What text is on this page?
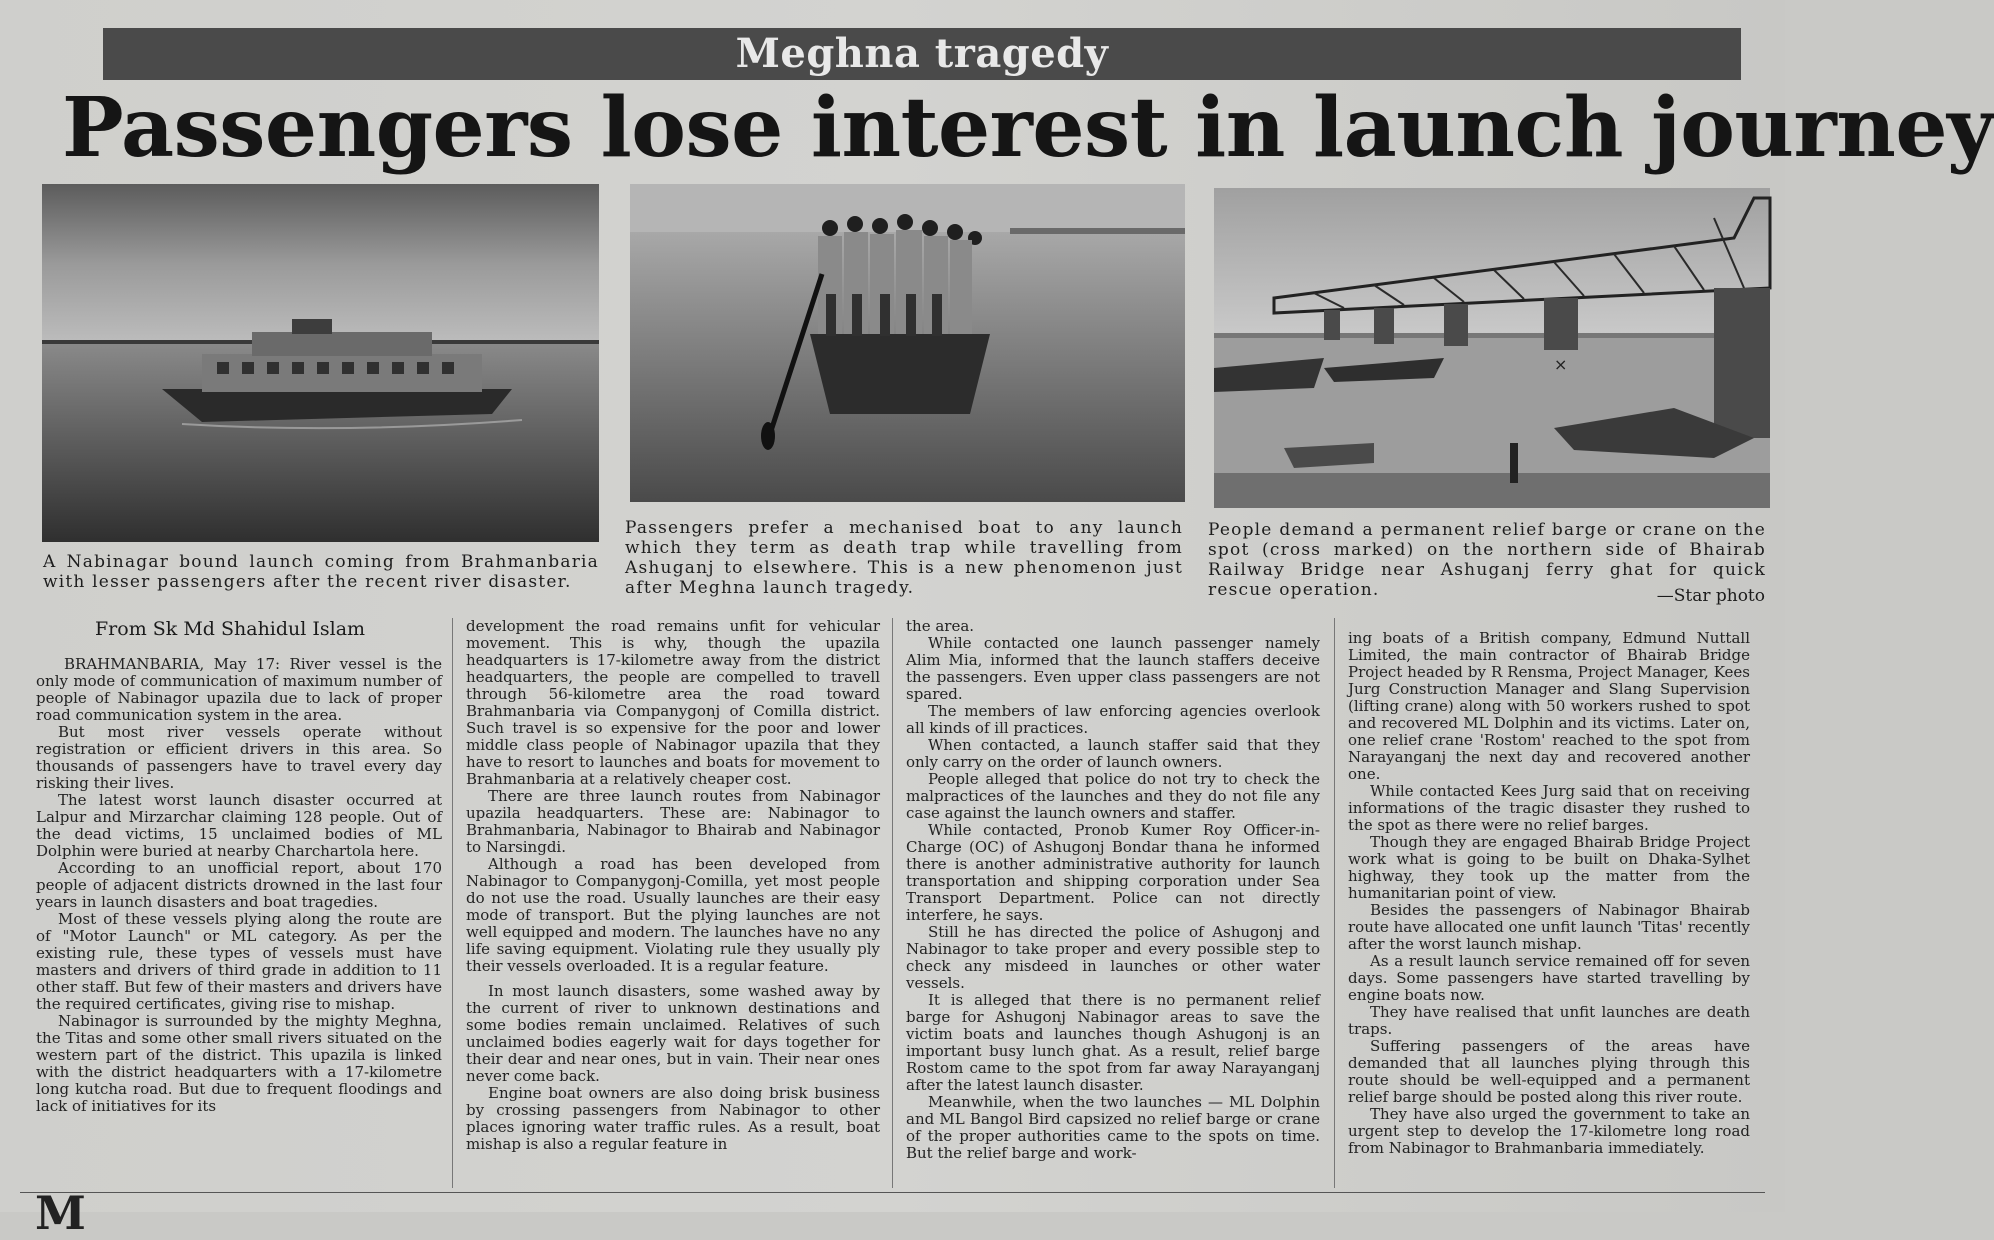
Meghna tragedy
Passengers lose interest in launch journey
A Nabinagar bound launch coming from Brahmanbaria with lesser passengers after the recent river disaster.
Passengers prefer a mechanised boat to any launch which they term as death trap while travelling from Ashuganj to elsewhere. This is a new phenomenon just after Meghna launch tragedy.
×
People demand a permanent relief barge or crane on the spot (cross marked) on the northern side of Bhairab Railway Bridge near Ashuganj ferry ghat for quick rescue operation.	—Star photo
From Sk Md Shahidul Islam

BRAHMANBARIA, May 17: River vessel is the only mode of communication of maximum number of people of Nabinagor upazila due to lack of proper road communication system in the area.

But most river vessels operate without registration or efficient drivers in this area. So thousands of passengers have to travel every day risking their lives.

The latest worst launch disaster occurred at Lalpur and Mirzarchar claiming 128 people. Out of the dead victims, 15 unclaimed bodies of ML Dolphin were buried at nearby Charchartola here.

According to an unofficial report, about 170 people of adjacent districts drowned in the last four years in launch disasters and boat tragedies.

Most of these vessels plying along the route are of "Motor Launch" or ML category. As per the existing rule, these types of vessels must have masters and drivers of third grade in addition to 11 other staff. But few of their masters and drivers have the required certificates, giving rise to mishap.

Nabinagor is surrounded by the mighty Meghna, the Titas and some other small rivers situated on the western part of the district. This upazila is linked with the district headquarters with a 17-kilometre long kutcha road. But due to frequent floodings and lack of initiatives for its

development the road remains unfit for vehicular movement. This is why, though the upazila headquarters is 17-kilometre away from the district headquarters, the people are compelled to travell through 56-kilometre area the road toward Brahmanbaria via Companygonj of Comilla district. Such travel is so expensive for the poor and lower middle class people of Nabinagor upazila that they have to resort to launches and boats for movement to Brahmanbaria at a relatively cheaper cost.

There are three launch routes from Nabinagor upazila headquarters. These are: Nabinagor to Brahmanbaria, Nabinagor to Bhairab and Nabinagor to Narsingdi.

Although a road has been developed from Nabinagor to Companygonj-Comilla, yet most people do not use the road. Usually launches are their easy mode of transport. But the plying launches are not well equipped and modern. The launches have no any life saving equipment. Violating rule they usually ply their vessels overloaded. It is a regular feature.

In most launch disasters, some washed away by the current of river to unknown destinations and some bodies remain unclaimed. Relatives of such unclaimed bodies eagerly wait for days together for their dear and near ones, but in vain. Their near ones never come back.

Engine boat owners are also doing brisk business by crossing passengers from Nabinagor to other places ignoring water traffic rules. As a result, boat mishap is also a regular feature in

the area.

While contacted one launch passenger namely Alim Mia, informed that the launch staffers deceive the passengers. Even upper class passengers are not spared.

The members of law enforcing agencies overlook all kinds of ill practices.

When contacted, a launch staffer said that they only carry on the order of launch owners.

People alleged that police do not try to check the malpractices of the launches and they do not file any case against the launch owners and staffer.

While contacted, Pronob Kumer Roy Officer-in-Charge (OC) of Ashugonj Bondar thana he informed there is another administrative authority for launch transportation and shipping corporation under Sea Transport Department. Police can not directly interfere, he says.

Still he has directed the police of Ashugonj and Nabinagor to take proper and every possible step to check any misdeed in launches or other water vessels.

It is alleged that there is no permanent relief barge for Ashugonj Nabinagor areas to save the victim boats and launches though Ashugonj is an important busy lunch ghat. As a result, relief barge Rostom came to the spot from far away Narayanganj after the latest launch disaster.

Meanwhile, when the two launches — ML Dolphin and ML Bangol Bird capsized no relief barge or crane of the proper authorities came to the spots on time. But the relief barge and work-

ing boats of a British company, Edmund Nuttall Limited, the main contractor of Bhairab Bridge Project headed by R Rensma, Project Manager, Kees Jurg Construction Manager and Slang Supervision (lifting crane) along with 50 workers rushed to spot and recovered ML Dolphin and its victims. Later on, one relief crane 'Rostom' reached to the spot from Narayanganj the next day and recovered another one.

While contacted Kees Jurg said that on receiving informations of the tragic disaster they rushed to the spot as there were no relief barges.

Though they are engaged Bhairab Bridge Project work what is going to be built on Dhaka-Sylhet highway, they took up the matter from the humanitarian point of view.

Besides the passengers of Nabinagor Bhairab route have allocated one unfit launch 'Titas' recently after the worst launch mishap.

As a result launch service remained off for seven days. Some passengers have started travelling by engine boats now.

They have realised that unfit launches are death traps.

Suffering passengers of the areas have demanded that all launches plying through this route should be well-equipped and a permanent relief barge should be posted along this river route.

They have also urged the government to take an urgent step to develop the 17-kilometre long road from Nabinagor to Brahmanbaria immediately.

M
